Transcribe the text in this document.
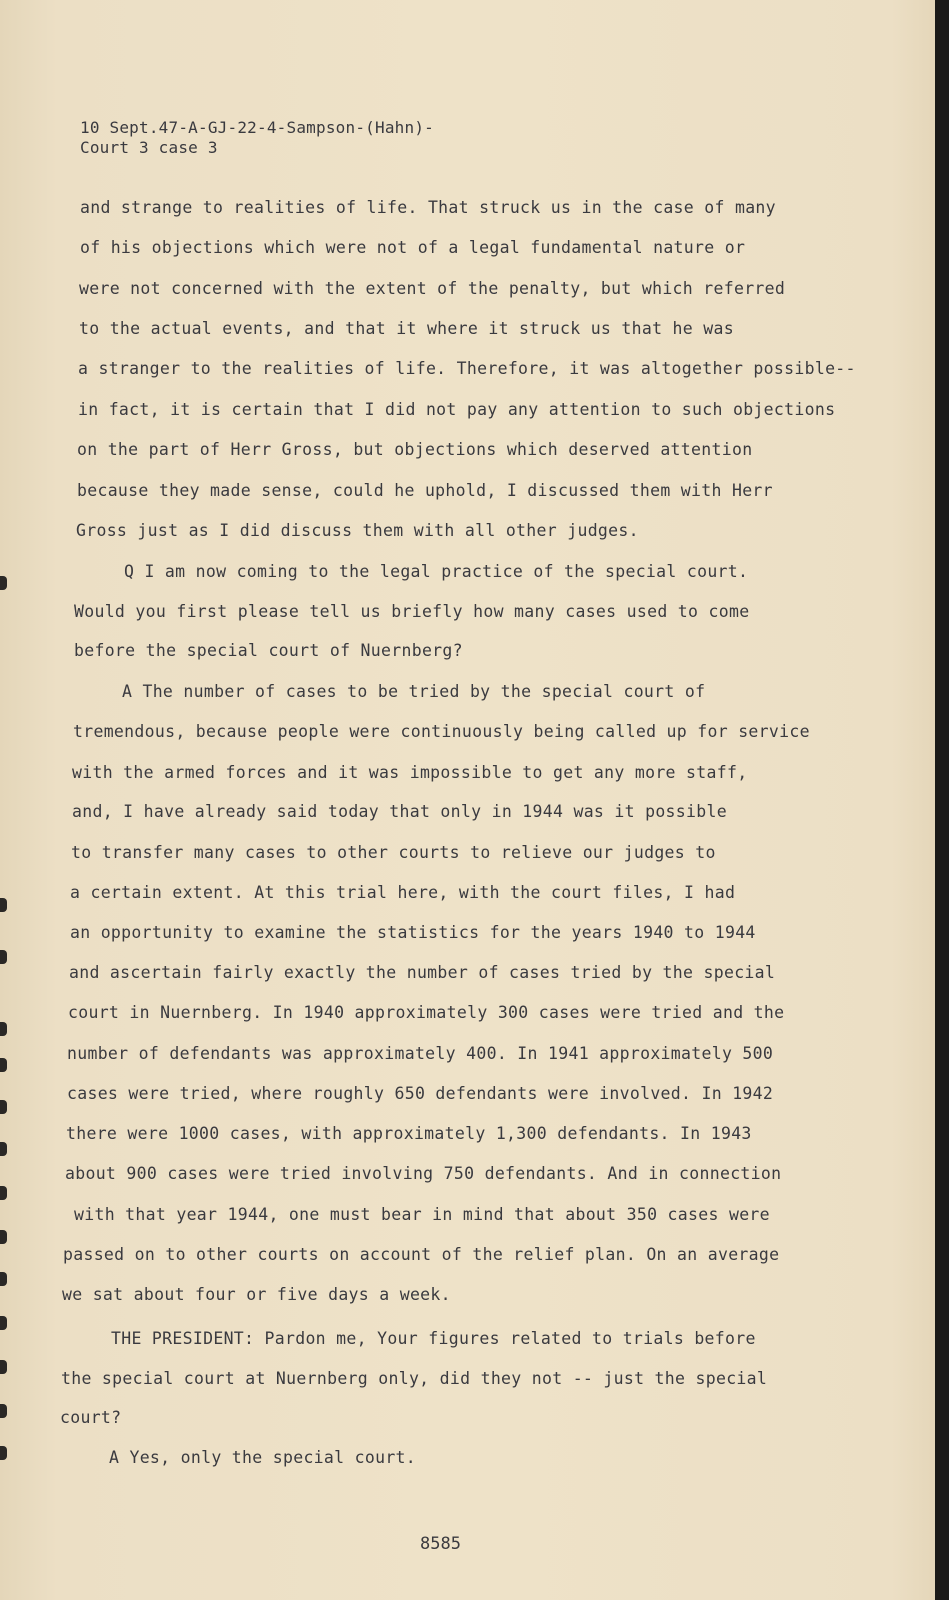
10 Sept.47-A-GJ-22-4-Sampson-(Hahn)-
Court 3 case 3
and strange to realities of life. That struck us in the case of many
of his objections which were not of a legal fundamental nature or
were not concerned with the extent of the penalty, but which referred
to the actual events, and that it where it struck us that he was
a stranger to the realities of life. Therefore, it was altogether possible--
in fact, it is certain that I did not pay any attention to such objections
on the part of Herr Gross, but objections which deserved attention
because they made sense, could he uphold, I discussed them with Herr
Gross just as I did discuss them with all other judges.
Q I am now coming to the legal practice of the special court.
Would you first please tell us briefly how many cases used to come
before the special court of Nuernberg?
A The number of cases to be tried by the special court of
tremendous, because people were continuously being called up for service
with the armed forces and it was impossible to get any more staff,
and, I have already said today that only in 1944 was it possible
to transfer many cases to other courts to relieve our judges to
a certain extent. At this trial here, with the court files, I had
an opportunity to examine the statistics for the years 1940 to 1944
and ascertain fairly exactly the number of cases tried by the special
court in Nuernberg. In 1940 approximately 300 cases were tried and the
number of defendants was approximately 400. In 1941 approximately 500
cases were tried, where roughly 650 defendants were involved. In 1942
there were 1000 cases, with approximately 1,300 defendants. In 1943
about 900 cases were tried involving 750 defendants. And in connection
with that year 1944, one must bear in mind that about 350 cases were
passed on to other courts on account of the relief plan. On an average
we sat about four or five days a week.
THE PRESIDENT: Pardon me, Your figures related to trials before
the special court at Nuernberg only, did they not -- just the special
court?
A Yes, only the special court.
8585
